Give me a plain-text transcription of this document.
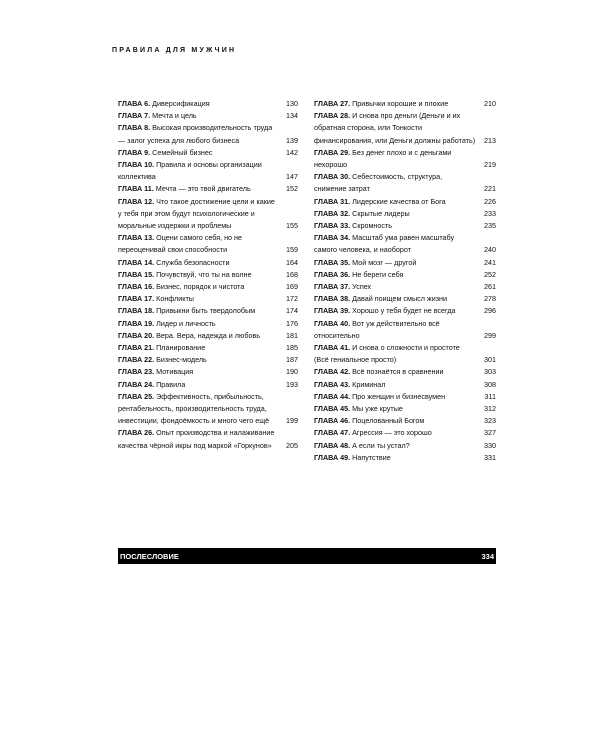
ПРАВИЛА ДЛЯ МУЖЧИН
ГЛАВА 6. Диверсификация	130
ГЛАВА 7. Мечта и цель	134
ГЛАВА 8. Высокая производительность труда — залог успеха для любого бизнеса	139
ГЛАВА 9. Семейный бизнес	142
ГЛАВА 10. Правила и основы организации коллектива	147
ГЛАВА 11. Мечта — это твой двигатель	152
ГЛАВА 12. Что такое достижение цели и какие у тебя при этом будут психологические и моральные издержки и проблемы	155
ГЛАВА 13. Оцени самого себя, но не переоценивай свои способности	159
ГЛАВА 14. Служба безопасности	164
ГЛАВА 15. Почувствуй, что ты на волне	168
ГЛАВА 16. Бизнес, порядок и чистота	169
ГЛАВА 17. Конфликты	172
ГЛАВА 18. Привыкни быть твердолобым	174
ГЛАВА 19. Лидер и личность	176
ГЛАВА 20. Вера. Вера, надежда и любовь	181
ГЛАВА 21. Планирование	185
ГЛАВА 22. Бизнес-модель	187
ГЛАВА 23. Мотивация	190
ГЛАВА 24. Правила	193
ГЛАВА 25. Эффективность, прибыльность, рентабельность, производительность труда, инвестиции, фондоёмкость и много чего ещё	199
ГЛАВА 26. Опыт производства и налаживание качества чёрной икры под маркой «Горкунов»	205
ГЛАВА 27. Привычки хорошие и плохие	210
ГЛАВА 28. И снова про деньги (Деньги и их обратная сторона, или Тонкости финансирования, или Деньги должны работать)	213
ГЛАВА 29. Без денег плохо и с деньгами нехорошо	219
ГЛАВА 30. Себестоимость, структура, снижение затрат	221
ГЛАВА 31. Лидерские качества от Бога	226
ГЛАВА 32. Скрытые лидеры	233
ГЛАВА 33. Скромность	235
ГЛАВА 34. Масштаб ума равен масштабу самого человека, и наоборот	240
ГЛАВА 35. Мой мозг — другой	241
ГЛАВА 36. Не береги себя	252
ГЛАВА 37. Успех	261
ГЛАВА 38. Давай поищем смысл жизни	278
ГЛАВА 39. Хорошо у тебя будет не всегда	296
ГЛАВА 40. Вот уж действительно всё относительно	299
ГЛАВА 41. И снова о сложности и простоте (Всё гениальное просто)	301
ГЛАВА 42. Всё познаётся в сравнении	303
ГЛАВА 43. Криминал	308
ГЛАВА 44. Про женщин и бизнесвумен	311
ГЛАВА 45. Мы уже крутые	312
ГЛАВА 46. Поцелованный Богом	323
ГЛАВА 47. Агрессия — это хорошо	327
ГЛАВА 48. А если ты устал?	330
ГЛАВА 49. Напутствие	331
ПОСЛЕСЛОВИЕ	334
